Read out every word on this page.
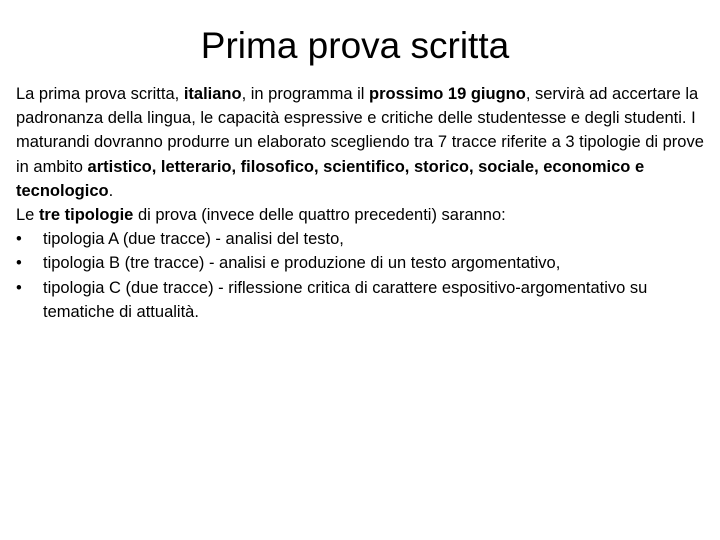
Prima prova scritta

La prima prova scritta, italiano, in programma il prossimo 19 giugno, servirà ad accertare la padronanza della lingua, le capacità espressive e critiche delle studentesse e degli studenti. I maturandi dovranno produrre un elaborato scegliendo tra 7 tracce riferite a 3 tipologie di prove in ambito artistico, letterario, filosofico, scientifico, storico, sociale, economico e tecnologico.

Le tre tipologie di prova (invece delle quattro precedenti) saranno:

• tipologia A (due tracce) - analisi del testo,
• tipologia B (tre tracce) - analisi e produzione di un testo argomentativo,
• tipologia C (due tracce) - riflessione critica di carattere espositivo-argomentativo su tematiche di attualità.
